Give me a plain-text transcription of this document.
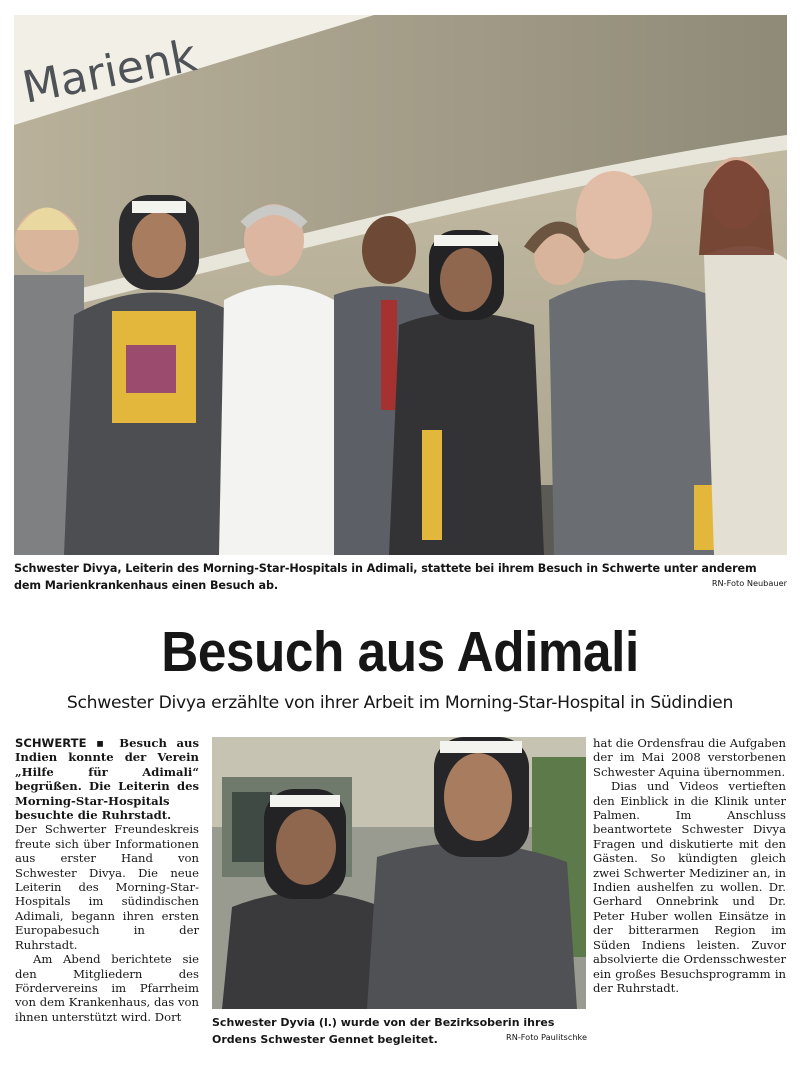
Marienk
Schwester Divya, Leiterin des Morning-Star-Hospitals in Adimali, stattete bei ihrem Besuch in Schwerte unter anderem dem Marienkrankenhaus einen Besuch ab.	RN-Foto Neubauer
Besuch aus Adimali
Schwester Divya erzählte von ihrer Arbeit im Morning-Star-Hospital in Südindien

SCHWERTE ▪ Besuch aus Indien konnte der Verein „Hilfe für Adimali“ begrüßen. Die Leiterin des Morning-Star-Hospitals besuchte die Ruhrstadt.

Der Schwerter Freundeskreis freute sich über Informationen aus erster Hand von Schwester Divya. Die neue Leiterin des Morning-Star-Hospitals im südindischen Adimali, begann ihren ersten Europabesuch in der Ruhrstadt.

Am Abend berichtete sie den Mitgliedern des Fördervereins im Pfarrheim von dem Krankenhaus, das von ihnen unterstützt wird. Dort	Schwester Dyvia (l.) wurde von der Bezirksoberin ihres Ordens Schwester Gennet begleitet.	RN-Foto Paulitschke

hat die Ordensfrau die Aufgaben der im Mai 2008 verstorbenen Schwester Aquina übernommen.

Dias und Videos vertieften den Einblick in die Klinik unter Palmen. Im Anschluss beantwortete Schwester Divya Fragen und diskutierte mit den Gästen. So kündigten gleich zwei Schwerter Mediziner an, in Indien aushelfen zu wollen. Dr. Gerhard Onnebrink und Dr. Peter Huber wollen Einsätze in der bitterarmen Region im Süden Indiens leisten. Zuvor absolvierte die Ordensschwester ein großes Besuchsprogramm in der Ruhrstadt.
